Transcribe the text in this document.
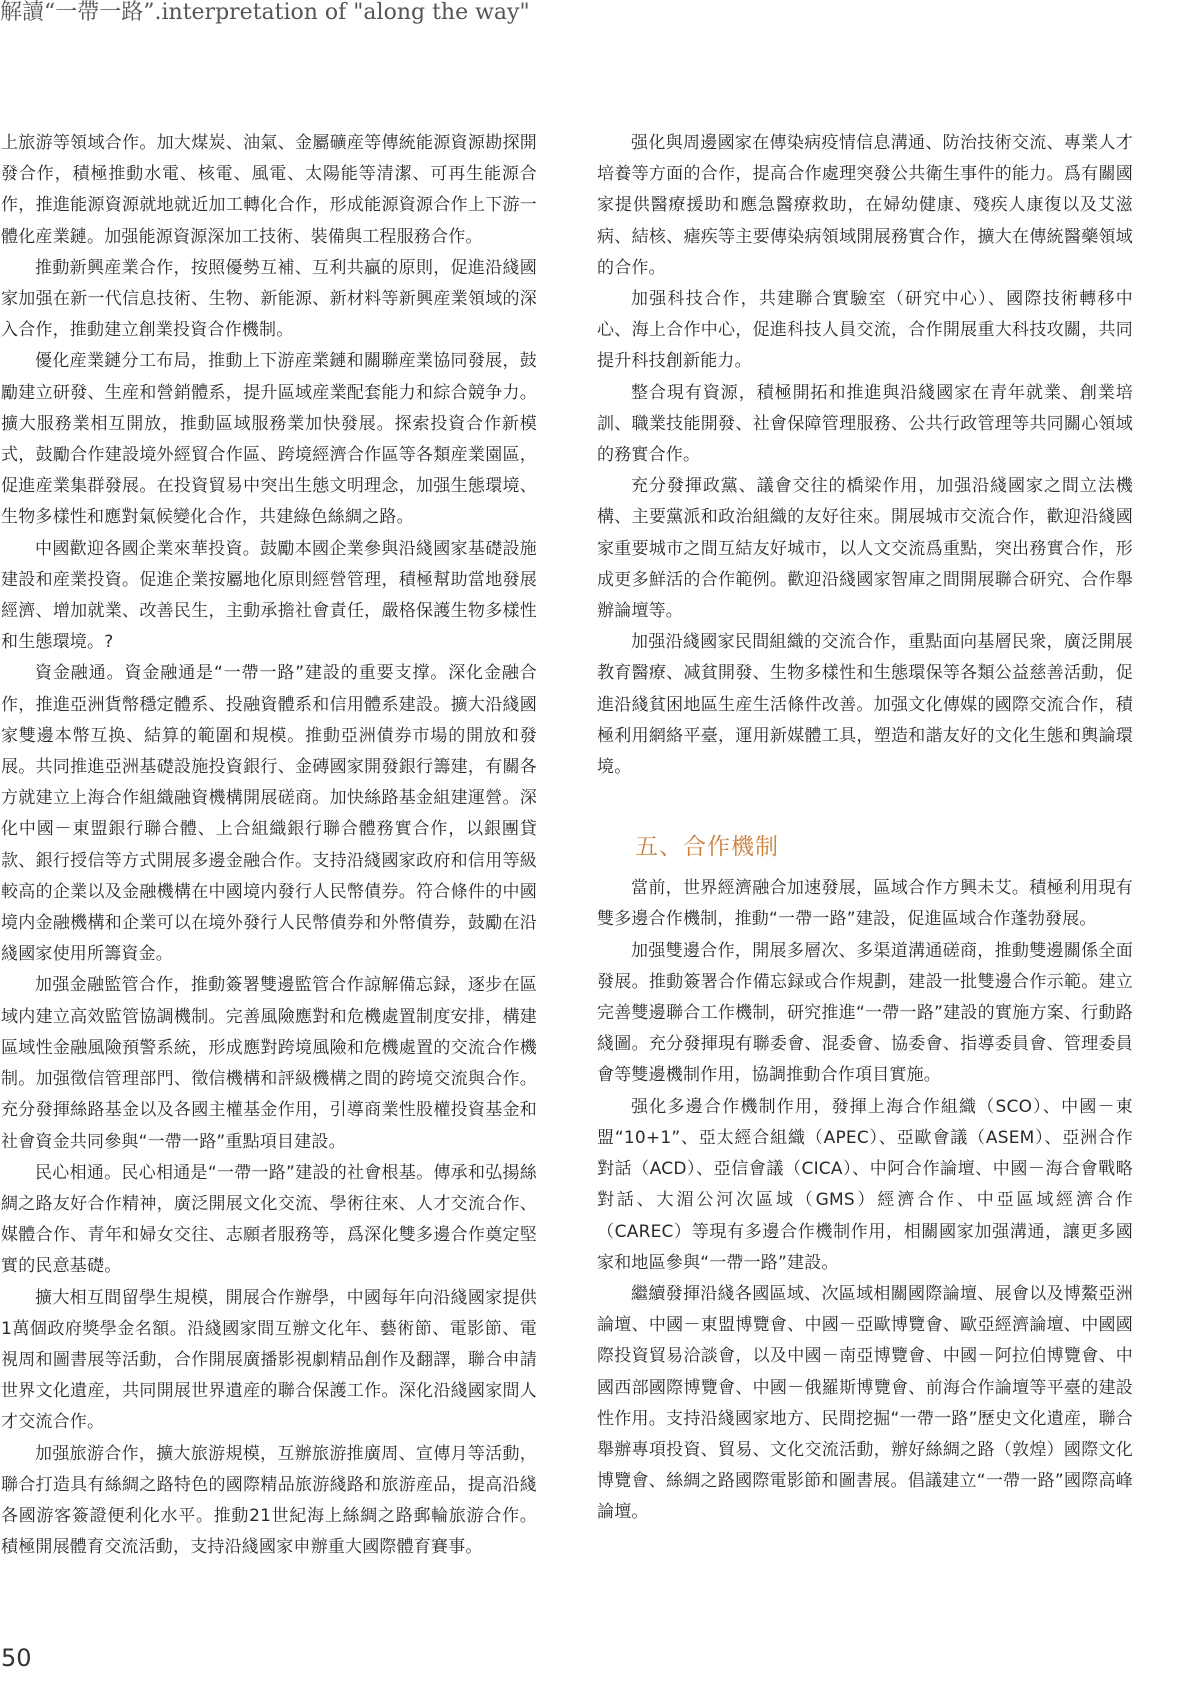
解讀“一帶一路”.interpretation of "along the way"

上旅游等領域合作。加大煤炭、油氣、金屬礦産等傳統能源資源勘探開發合作，積極推動水電、核電、風電、太陽能等清潔、可再生能源合作，推進能源資源就地就近加工轉化合作，形成能源資源合作上下游一體化産業鏈。加强能源資源深加工技術、裝備與工程服務合作。

推動新興産業合作，按照優勢互補、互利共贏的原則，促進沿綫國家加强在新一代信息技術、生物、新能源、新材料等新興産業領域的深入合作，推動建立創業投資合作機制。

優化産業鏈分工布局，推動上下游産業鏈和關聯産業協同發展，鼓勵建立研發、生産和營銷體系，提升區域産業配套能力和綜合競争力。擴大服務業相互開放，推動區域服務業加快發展。探索投資合作新模式，鼓勵合作建設境外經貿合作區、跨境經濟合作區等各類産業園區，促進産業集群發展。在投資貿易中突出生態文明理念，加强生態環境、生物多樣性和應對氣候變化合作，共建綠色絲綢之路。

中國歡迎各國企業來華投資。鼓勵本國企業參與沿綫國家基礎設施建設和産業投資。促進企業按屬地化原則經營管理，積極幫助當地發展經濟、增加就業、改善民生，主動承擔社會責任，嚴格保護生物多樣性和生態環境。?

資金融通。資金融通是“一帶一路”建設的重要支撑。深化金融合作，推進亞洲貨幣穩定體系、投融資體系和信用體系建設。擴大沿綫國家雙邊本幣互换、結算的範圍和規模。推動亞洲債券市場的開放和發展。共同推進亞洲基礎設施投資銀行、金磚國家開發銀行籌建，有關各方就建立上海合作組織融資機構開展磋商。加快絲路基金組建運營。深化中國－東盟銀行聯合體、上合組織銀行聯合體務實合作，以銀團貸款、銀行授信等方式開展多邊金融合作。支持沿綫國家政府和信用等級較高的企業以及金融機構在中國境内發行人民幣債券。符合條件的中國境内金融機構和企業可以在境外發行人民幣債券和外幣債券，鼓勵在沿綫國家使用所籌資金。

加强金融監管合作，推動簽署雙邊監管合作諒解備忘録，逐步在區域内建立高效監管協調機制。完善風險應對和危機處置制度安排，構建區域性金融風險預警系統，形成應對跨境風險和危機處置的交流合作機制。加强徵信管理部門、徵信機構和評級機構之間的跨境交流與合作。充分發揮絲路基金以及各國主權基金作用，引導商業性股權投資基金和社會資金共同參與“一帶一路”重點項目建設。

民心相通。民心相通是“一帶一路”建設的社會根基。傳承和弘揚絲綢之路友好合作精神，廣泛開展文化交流、學術往來、人才交流合作、媒體合作、青年和婦女交往、志願者服務等，爲深化雙多邊合作奠定堅實的民意基礎。

擴大相互間留學生規模，開展合作辦學，中國每年向沿綫國家提供1萬個政府獎學金名額。沿綫國家間互辦文化年、藝術節、電影節、電視周和圖書展等活動，合作開展廣播影視劇精品創作及翻譯，聯合申請世界文化遺産，共同開展世界遺産的聯合保護工作。深化沿綫國家間人才交流合作。

加强旅游合作，擴大旅游規模，互辦旅游推廣周、宣傳月等活動，聯合打造具有絲綢之路特色的國際精品旅游綫路和旅游産品，提高沿綫各國游客簽證便利化水平。推動21世紀海上絲綢之路郵輪旅游合作。積極開展體育交流活動，支持沿綫國家申辦重大國際體育賽事。

强化與周邊國家在傳染病疫情信息溝通、防治技術交流、專業人才培養等方面的合作，提高合作處理突發公共衛生事件的能力。爲有關國家提供醫療援助和應急醫療救助，在婦幼健康、殘疾人康復以及艾滋病、結核、瘧疾等主要傳染病領域開展務實合作，擴大在傳統醫藥領域的合作。

加强科技合作，共建聯合實驗室（研究中心）、國際技術轉移中心、海上合作中心，促進科技人員交流，合作開展重大科技攻關，共同提升科技創新能力。

整合現有資源，積極開拓和推進與沿綫國家在青年就業、創業培訓、職業技能開發、社會保障管理服務、公共行政管理等共同關心領域的務實合作。

充分發揮政黨、議會交往的橋梁作用，加强沿綫國家之間立法機構、主要黨派和政治組織的友好往來。開展城市交流合作，歡迎沿綫國家重要城市之間互結友好城市，以人文交流爲重點，突出務實合作，形成更多鮮活的合作範例。歡迎沿綫國家智庫之間開展聯合研究、合作舉辦論壇等。

加强沿綫國家民間組織的交流合作，重點面向基層民衆，廣泛開展教育醫療、减貧開發、生物多樣性和生態環保等各類公益慈善活動，促進沿綫貧困地區生産生活條件改善。加强文化傳媒的國際交流合作，積極利用網絡平臺，運用新媒體工具，塑造和諧友好的文化生態和輿論環境。

五、合作機制

當前，世界經濟融合加速發展，區域合作方興未艾。積極利用現有雙多邊合作機制，推動“一帶一路”建設，促進區域合作蓬勃發展。

加强雙邊合作，開展多層次、多渠道溝通磋商，推動雙邊關係全面發展。推動簽署合作備忘録或合作規劃，建設一批雙邊合作示範。建立完善雙邊聯合工作機制，研究推進“一帶一路”建設的實施方案、行動路綫圖。充分發揮現有聯委會、混委會、協委會、指導委員會、管理委員會等雙邊機制作用，協調推動合作項目實施。

强化多邊合作機制作用，發揮上海合作組織（SCO）、中國－東盟“10+1”、亞太經合組織（APEC）、亞歐會議（ASEM）、亞洲合作對話（ACD）、亞信會議（CICA）、中阿合作論壇、中國－海合會戰略對話、大湄公河次區域（GMS）經濟合作、中亞區域經濟合作（CAREC）等現有多邊合作機制作用，相關國家加强溝通，讓更多國家和地區參與“一帶一路”建設。

繼續發揮沿綫各國區域、次區域相關國際論壇、展會以及博鰲亞洲論壇、中國－東盟博覽會、中國－亞歐博覽會、歐亞經濟論壇、中國國際投資貿易洽談會，以及中國－南亞博覽會、中國－阿拉伯博覽會、中國西部國際博覽會、中國－俄羅斯博覽會、前海合作論壇等平臺的建設性作用。支持沿綫國家地方、民間挖掘“一帶一路”歷史文化遺産，聯合舉辦專項投資、貿易、文化交流活動，辦好絲綢之路（敦煌）國際文化博覽會、絲綢之路國際電影節和圖書展。倡議建立“一帶一路”國際高峰論壇。

50
